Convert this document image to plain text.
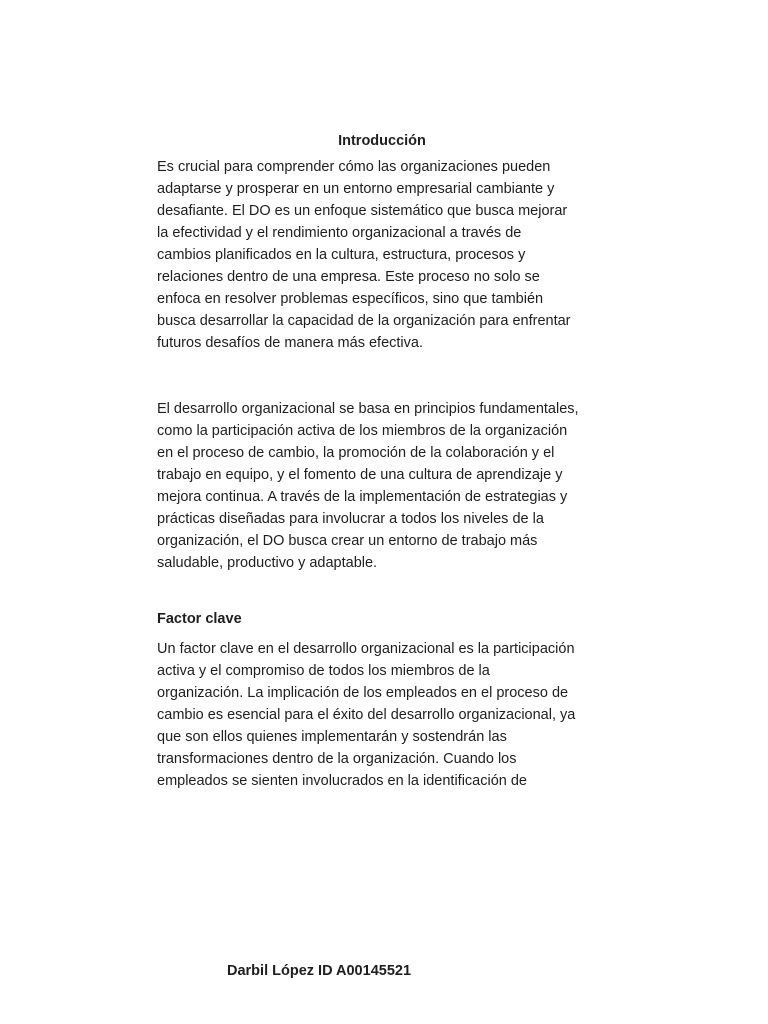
Introducción
Es crucial para comprender cómo las organizaciones pueden
adaptarse y prosperar en un entorno empresarial cambiante y
desafiante. El DO es un enfoque sistemático que busca mejorar
la efectividad y el rendimiento organizacional a través de
cambios planificados en la cultura, estructura, procesos y
relaciones dentro de una empresa. Este proceso no solo se
enfoca en resolver problemas específicos, sino que también
busca desarrollar la capacidad de la organización para enfrentar
futuros desafíos de manera más efectiva.
El desarrollo organizacional se basa en principios fundamentales,
como la participación activa de los miembros de la organización
en el proceso de cambio, la promoción de la colaboración y el
trabajo en equipo, y el fomento de una cultura de aprendizaje y
mejora continua. A través de la implementación de estrategias y
prácticas diseñadas para involucrar a todos los niveles de la
organización, el DO busca crear un entorno de trabajo más
saludable, productivo y adaptable.
Factor clave
Un factor clave en el desarrollo organizacional es la participación
activa y el compromiso de todos los miembros de la
organización. La implicación de los empleados en el proceso de
cambio es esencial para el éxito del desarrollo organizacional, ya
que son ellos quienes implementarán y sostendrán las
transformaciones dentro de la organización. Cuando los
empleados se sienten involucrados en la identificación de
Darbil López ID A00145521
